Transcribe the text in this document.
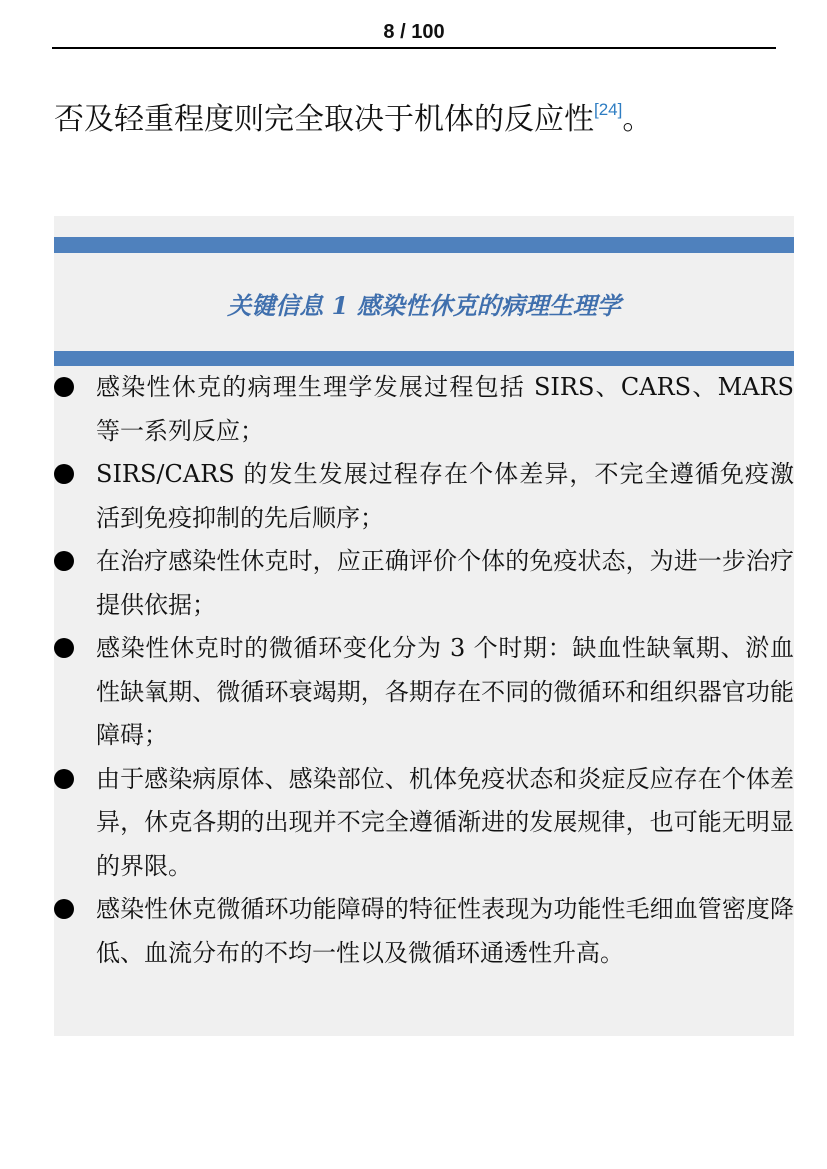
8 / 100
否及轻重程度则完全取决于机体的反应性[24]。
关键信息 1 感染性休克的病理生理学
感染性休克的病理生理学发展过程包括 SIRS、CARS、MARS 等一系列反应；
SIRS/CARS 的发生发展过程存在个体差异，不完全遵循免疫激活到免疫抑制的先后顺序；
在治疗感染性休克时，应正确评价个体的免疫状态，为进一步治疗提供依据；
感染性休克时的微循环变化分为 3 个时期：缺血性缺氧期、淤血性缺氧期、微循环衰竭期，各期存在不同的微循环和组织器官功能障碍；
由于感染病原体、感染部位、机体免疫状态和炎症反应存在个体差异，休克各期的出现并不完全遵循渐进的发展规律，也可能无明显的界限。
感染性休克微循环功能障碍的特征性表现为功能性毛细血管密度降低、血流分布的不均一性以及微循环通透性升高。
